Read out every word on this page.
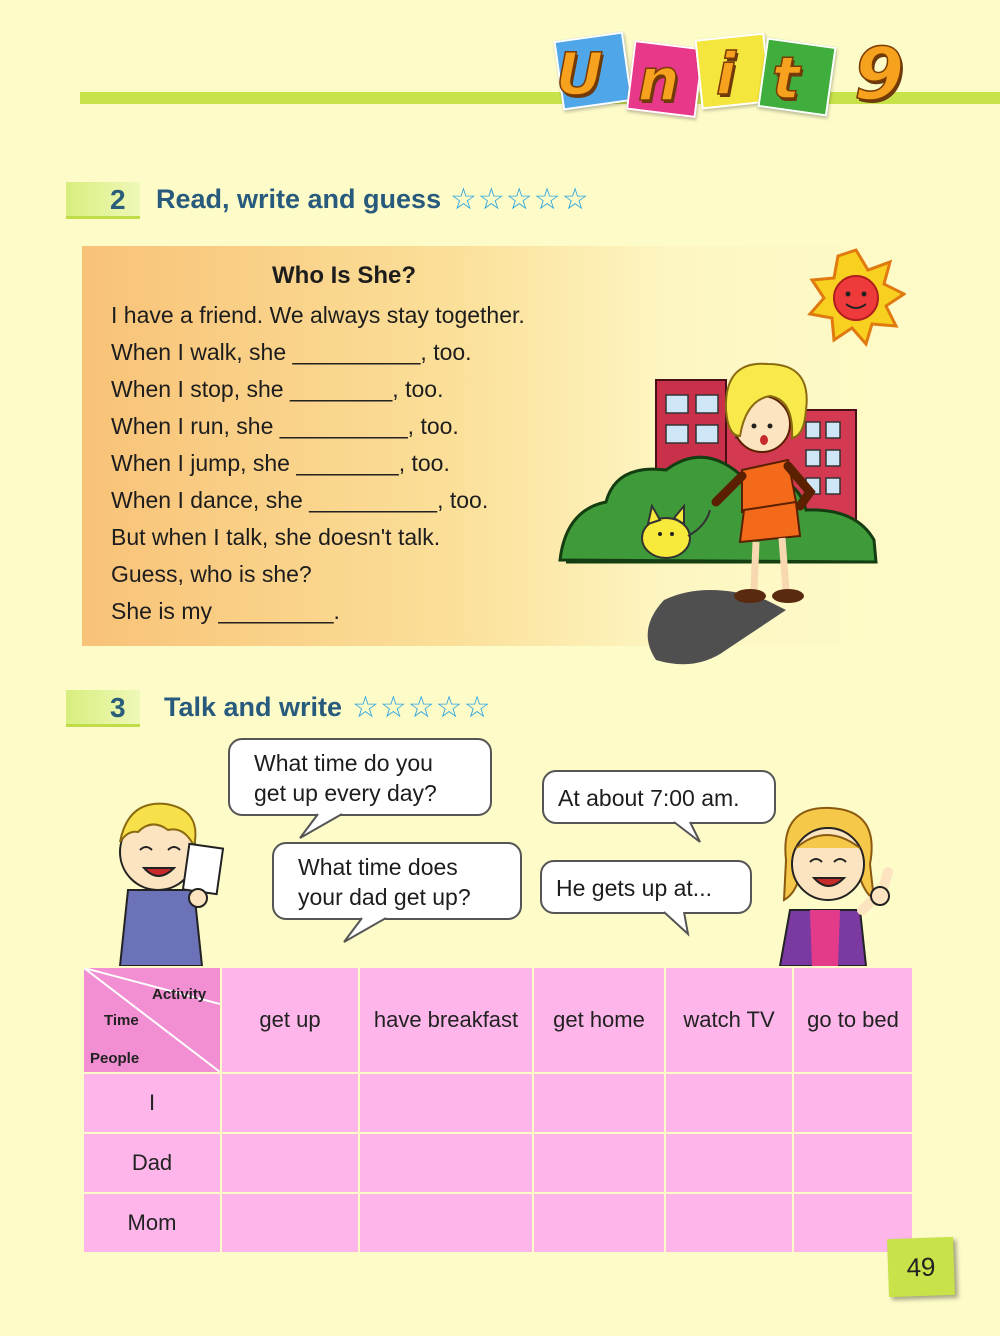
U n i t 9
2 Read, write and guess ☆☆☆☆☆
Who Is She?
I have a friend. We always stay together.
When I walk, she __________, too.
When I stop, she ________, too.
When I run, she __________, too.
When I jump, she ________, too.
When I dance, she __________, too.
But when I talk, she doesn't talk.
Guess, who is she?
She is my _________.
3 Talk and write ☆☆☆☆☆
What time do you
get up every day?
What time does
your dad get up?
At about 7:00 am.
He gets up at...
Activity
Time
People
get up	have breakfast	get home	watch TV	go to bed
I
Dad
Mom
49
